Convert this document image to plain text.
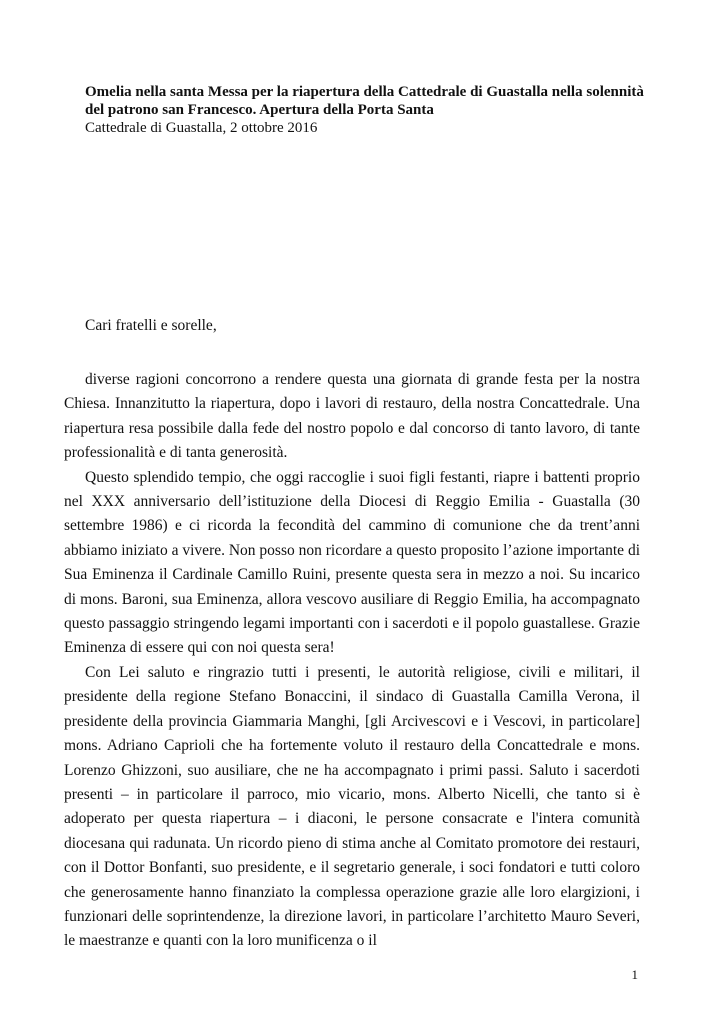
Omelia nella santa Messa per la riapertura della Cattedrale di Guastalla nella solennità del patrono san Francesco. Apertura della Porta Santa

Cattedrale di Guastalla, 2 ottobre 2016

Cari fratelli e sorelle,

diverse ragioni concorrono a rendere questa una giornata di grande festa per la nostra Chiesa. Innanzitutto la riapertura, dopo i lavori di restauro, della nostra Concattedrale. Una riapertura resa possibile dalla fede del nostro popolo e dal concorso di tanto lavoro, di tante professionalità e di tanta generosità.

Questo splendido tempio, che oggi raccoglie i suoi figli festanti, riapre i battenti proprio nel XXX anniversario dell’istituzione della Diocesi di Reggio Emilia - Guastalla (30 settembre 1986) e ci ricorda la fecondità del cammino di comunione che da trent’anni abbiamo iniziato a vivere. Non posso non ricordare a questo proposito l’azione importante di Sua Eminenza il Cardinale Camillo Ruini, presente questa sera in mezzo a noi. Su incarico di mons. Baroni, sua Eminenza, allora vescovo ausiliare di Reggio Emilia, ha accompagnato questo passaggio stringendo legami importanti con i sacerdoti e il popolo guastallese. Grazie Eminenza di essere qui con noi questa sera!

Con Lei saluto e ringrazio tutti i presenti, le autorità religiose, civili e militari, il presidente della regione Stefano Bonaccini, il sindaco di Guastalla Camilla Verona, il presidente della provincia Giammaria Manghi, [gli Arcivescovi e i Vescovi, in particolare] mons. Adriano Caprioli che ha fortemente voluto il restauro della Concattedrale e mons. Lorenzo Ghizzoni, suo ausiliare, che ne ha accompagnato i primi passi. Saluto i sacerdoti presenti – in particolare il parroco, mio vicario, mons. Alberto Nicelli, che tanto si è adoperato per questa riapertura – i diaconi, le persone consacrate e l'intera comunità diocesana qui radunata. Un ricordo pieno di stima anche al Comitato promotore dei restauri, con il Dottor Bonfanti, suo presidente, e il segretario generale, i soci fondatori e tutti coloro che generosamente hanno finanziato la complessa operazione grazie alle loro elargizioni, i funzionari delle soprintendenze, la direzione lavori, in particolare l’architetto Mauro Severi, le maestranze e quanti con la loro munificenza o il

1
